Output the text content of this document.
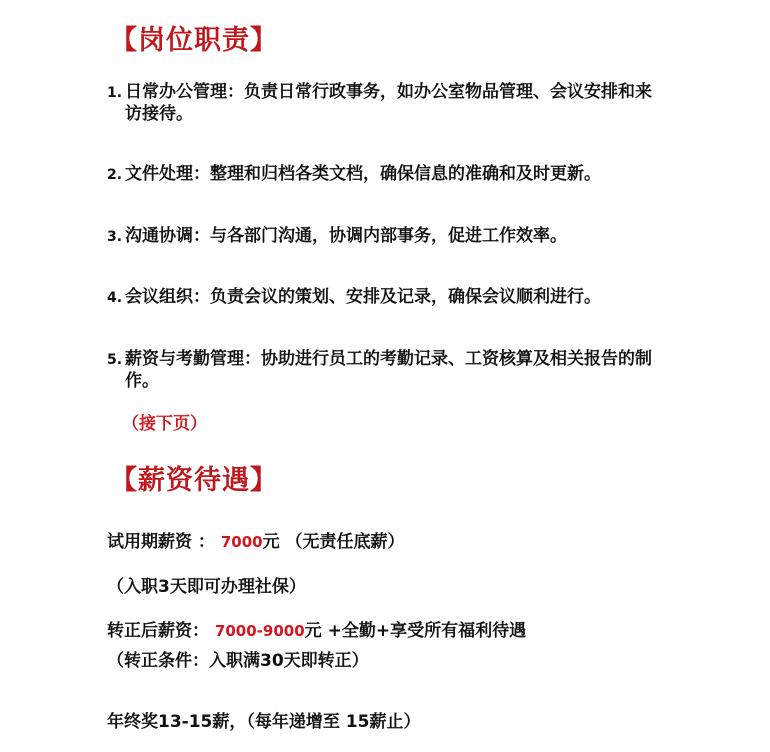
【岗位职责】
1. 日常办公管理：负责日常行政事务，如办公室物品管理、会议安排和来访接待。
2. 文件处理：整理和归档各类文档，确保信息的准确和及时更新。
3. 沟通协调：与各部门沟通，协调内部事务，促进工作效率。
4. 会议组织：负责会议的策划、安排及记录，确保会议顺利进行。
5. 薪资与考勤管理：协助进行员工的考勤记录、工资核算及相关报告的制作。
（接下页）
【薪资待遇】
试用期薪资 ： 7000元 （无责任底薪）
（入职3天即可办理社保）
转正后薪资： 7000-9000元 +全勤+享受所有福利待遇
（转正条件：入职满30天即转正）
年终奖13-15薪，（每年递增至 15薪止）
